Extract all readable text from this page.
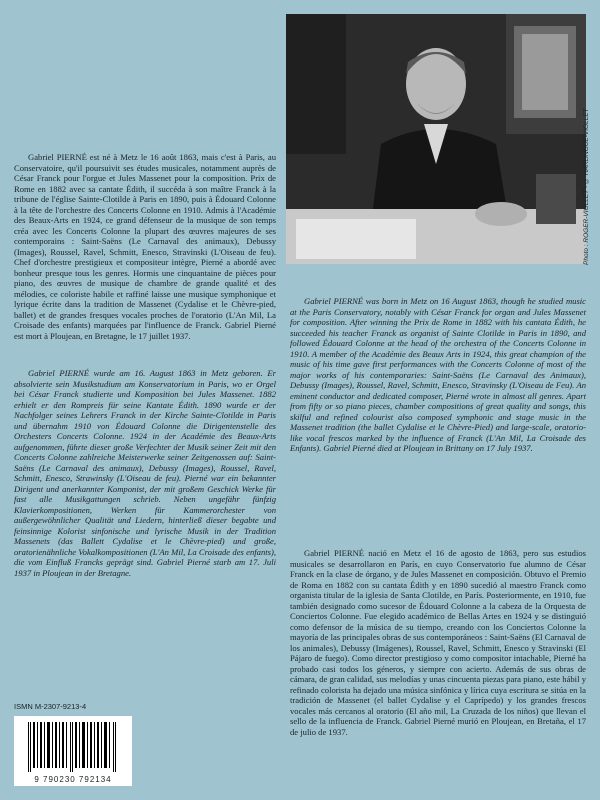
Photo : ROGER-VIOLLET • © HARLINGUE-VIOLLET

Gabriel PIERNÉ est né à Metz le 16 août 1863, mais c'est à Paris, au Conservatoire, qu'il poursuivit ses études musicales, notamment auprès de César Franck pour l'orgue et Jules Massenet pour la composition. Prix de Rome en 1882 avec sa cantate Édith, il succéda à son maître Franck à la tribune de l'église Sainte-Clotilde à Paris en 1890, puis à Édouard Colonne à la tête de l'orchestre des Concerts Colonne en 1910. Admis à l'Académie des Beaux-Arts en 1924, ce grand défenseur de la musique de son temps créa avec les Concerts Colonne la plupart des œuvres majeures de ses contemporains : Saint-Saëns (Le Carnaval des animaux), Debussy (Images), Roussel, Ravel, Schmitt, Enesco, Stravinski (L'Oiseau de feu). Chef d'orchestre prestigieux et compositeur intègre, Pierné a abordé avec bonheur presque tous les genres. Hormis une cinquantaine de pièces pour piano, des œuvres de musique de chambre de grande qualité et des mélodies, ce coloriste habile et raffiné laisse une musique symphonique et lyrique écrite dans la tradition de Massenet (Cydalise et le Chèvre-pied, ballet) et de grandes fresques vocales proches de l'oratorio (L'An Mil, La Croisade des enfants) marquées par l'influence de Franck. Gabriel Pierné est mort à Ploujean, en Bretagne, le 17 juillet 1937.

Gabriel PIERNÉ wurde am 16. August 1863 in Metz geboren. Er absolvierte sein Musikstudium am Konservatorium in Paris, wo er Orgel bei César Franck studierte und Komposition bei Jules Massenet. 1882 erhielt er den Rompreis für seine Kantate Édith. 1890 wurde er der Nachfolger seines Lehrers Franck in der Kirche Sainte-Clotilde in Paris und übernahm 1910 von Édouard Colonne die Dirigentenstelle des Orchesters Concerts Colonne. 1924 in der Académie des Beaux-Arts aufgenommen, führte dieser große Verfechter der Musik seiner Zeit mit den Concerts Colonne zahlreiche Meisterwerke seiner Zeitgenossen auf: Saint-Saëns (Le Carnaval des animaux), Debussy (Images), Roussel, Ravel, Schmitt, Enesco, Strawinsky (L'Oiseau de feu). Pierné war ein bekannter Dirigent und anerkannter Komponist, der mit großem Geschick Werke für fast alle Musikgattungen schrieb. Neben ungefähr fünfzig Klavierkompositionen, Werken für Kammerorchester von außergewöhnlicher Qualität und Liedern, hinterließ dieser begabte und feinsinnige Kolorist sinfonische und lyrische Musik in der Tradition Massenets (das Ballett Cydalise et le Chèvre-pied) und große, oratorienähnliche Vokalkompositionen (L'An Mil, La Croisade des enfants), die vom Einfluß Francks geprägt sind. Gabriel Pierné starb am 17. Juli 1937 in Ploujean in der Bretagne.

Gabriel PIERNÉ was born in Metz on 16 August 1863, though he studied music at the Paris Conservatory, notably with César Franck for organ and Jules Massenet for composition. After winning the Prix de Rome in 1882 with his cantata Édith, he succeeded his teacher Franck as organist of Sainte Clotilde in Paris in 1890, and followed Édouard Colonne at the head of the orchestra of the Concerts Colonne in 1910. A member of the Académie des Beaux Arts in 1924, this great champion of the music of his time gave first performances with the Concerts Colonne of most of the major works of his contemporaries: Saint-Saëns (Le Carnaval des Animaux), Debussy (Images), Roussel, Ravel, Schmitt, Enesco, Stravinsky (L'Oiseau de Feu). An eminent conductor and dedicated composer, Pierné wrote in almost all genres. Apart from fifty or so piano pieces, chamber compositions of great quality and songs, this skilful and refined colourist also composed symphonic and stage music in the Massenet tradition (the ballet Cydalise et le Chèvre-Pied) and large-scale, oratorio-like vocal frescos marked by the influence of Franck (L'An Mil, La Croisade des Enfants). Gabriel Pierné died at Ploujean in Brittany on 17 July 1937.

Gabriel PIERNÉ nació en Metz el 16 de agosto de 1863, pero sus estudios musicales se desarrollaron en París, en cuyo Conservatorio fue alumno de César Franck en la clase de órgano, y de Jules Massenet en composición. Obtuvo el Premio de Roma en 1882 con su cantata Édith y en 1890 sucedió al maestro Franck como organista titular de la iglesia de Santa Clotilde, en París. Posteriormente, en 1910, fue también designado como sucesor de Édouard Colonne a la cabeza de la Orquesta de Conciertos Colonne. Fue elegido académico de Bellas Artes en 1924 y se distinguió como defensor de la música de su tiempo, creando con los Conciertos Colonne la mayoría de las principales obras de sus contemporáneos : Saint-Saëns (El Carnaval de los animales), Debussy (Imágenes), Roussel, Ravel, Schmitt, Enesco y Stravinski (El Pájaro de fuego). Como director prestigioso y como compositor intachable, Pierné ha probado casi todos los géneros, y siempre con acierto. Además de sus obras de cámara, de gran calidad, sus melodías y unas cincuenta piezas para piano, este hábil y refinado colorista ha dejado una música sinfónica y lírica cuya escritura se sitúa en la tradición de Massenet (el ballet Cydalise y el Caprípedo) y los grandes frescos vocales más cercanos al oratorio (El año mil, La Cruzada de los niños) que llevan el sello de la influencia de Franck. Gabriel Pierné murió en Ploujean, en Bretaña, el 17 de julio de 1937.

ISMN M-2307-9213-4
9 790230 792134
